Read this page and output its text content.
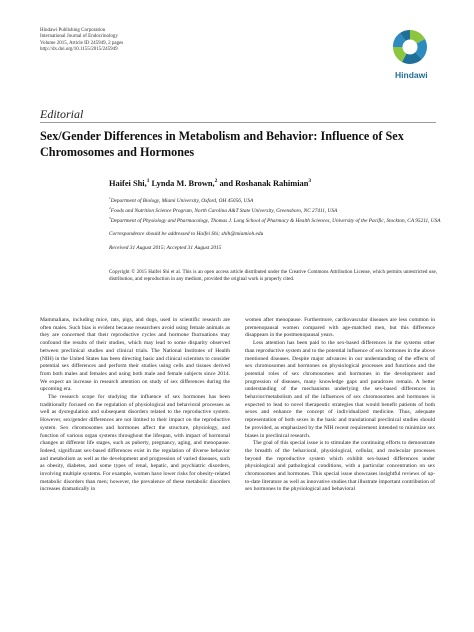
Hindawi Publishing Corporation
International Journal of Endocrinology
Volume 2015, Article ID 245949, 2 pages
http://dx.doi.org/10.1155/2015/245949
Hindawi
Editorial
Sex/Gender Differences in Metabolism and Behavior: Influence of Sex Chromosomes and Hormones
Haifei Shi,$^1$ Lynda M. Brown,$^2$ and Roshanak Rahimian$^3$

$^1$Department of Biology, Miami University, Oxford, OH 45056, USA

$^2$Foods and Nutrition Science Program, North Carolina A&T State University, Greensboro, NC 27411, USA

$^3$Department of Physiology and Pharmacology, Thomas J. Long School of Pharmacy & Health Sciences, University of the Pacific, Stockton, CA 95211, USA

Correspondence should be addressed to Haifei Shi; shih@miamioh.edu

Received 31 August 2015; Accepted 31 August 2015

Copyright © 2015 Haifei Shi et al. This is an open access article distributed under the Creative Commons Attribution License, which permits unrestricted use, distribution, and reproduction in any medium, provided the original work is properly cited.

Mammalians, including mice, rats, pigs, and dogs, used in scientific research are often males. Such bias is evident because researchers avoid using female animals as they are concerned that their reproductive cycles and hormone fluctuations may confound the results of their studies, which may lead to some disparity observed between preclinical studies and clinical trials. The National Institutes of Health (NIH) in the United States has been directing basic and clinical scientists to consider potential sex differences and perform their studies using cells and tissues derived from both males and females and using both male and female subjects since 2014. We expect an increase in research attention on study of sex differences during the upcoming era.

The research scope for studying the influence of sex hormones has been traditionally focused on the regulation of physiological and behavioral processes as well as dysregulation and subsequent disorders related to the reproductive system. However, sex/gender differences are not limited to their impact on the reproductive system. Sex chromosomes and hormones affect the structure, physiology, and function of various organ systems throughout the lifespan, with impact of hormonal changes at different life stages, such as puberty, pregnancy, aging, and menopause. Indeed, significant sex-based differences exist in the regulation of diverse behavior and metabolism as well as the development and progression of varied diseases, such as obesity, diabetes, and some types of renal, hepatic, and psychiatric disorders, involving multiple systems. For example, women have lower risks for obesity-related metabolic disorders than men; however, the prevalence of these metabolic disorders increases dramatically in

women after menopause. Furthermore, cardiovascular diseases are less common in premenopausal women compared with age-matched men, but this difference disappears in the postmenopausal years.

Less attention has been paid to the sex-based differences in the systems other than reproductive system and to the potential influence of sex hormones in the above mentioned diseases. Despite major advances in our understanding of the effects of sex chromosomes and hormones on physiological processes and functions and the potential roles of sex chromosomes and hormones in the development and progression of diseases, many knowledge gaps and paradoxes remain. A better understanding of the mechanisms underlying the sex-based differences in behavior/metabolism and of the influences of sex chromosomes and hormones is expected to lead to novel therapeutic strategies that would benefit patients of both sexes and enhance the concept of individualized medicine. Thus, adequate representation of both sexes in the basic and translational preclinical studies should be provided, as emphasized by the NIH recent requirement intended to minimize sex biases in preclinical research.

The goal of this special issue is to stimulate the continuing efforts to demonstrate the breadth of the behavioral, physiological, cellular, and molecular processes beyond the reproductive system which exhibit sex-based differences under physiological and pathological conditions, with a particular concentration on sex chromosomes and hormones. This special issue showcases insightful reviews of up-to-date literature as well as innovative studies that illustrate important contribution of sex hormones to the physiological and behavioral
